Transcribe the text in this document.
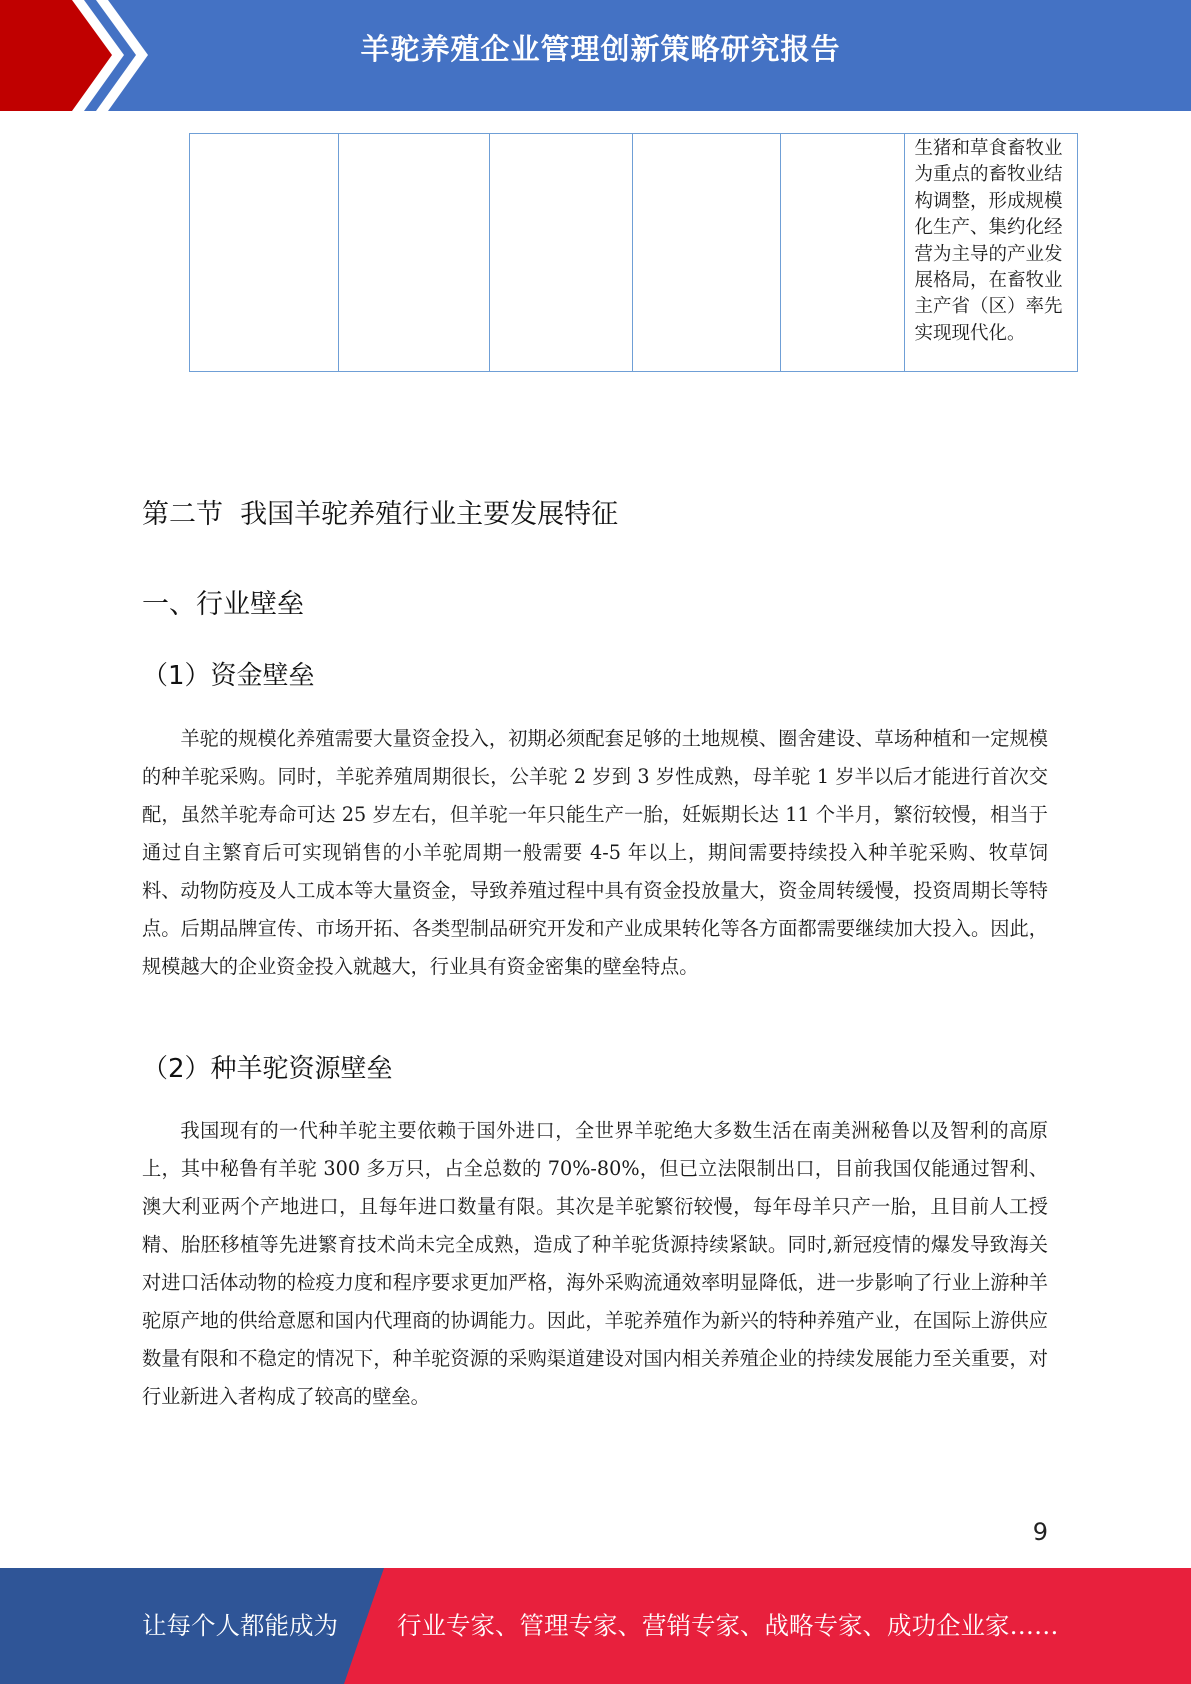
羊驼养殖企业管理创新策略研究报告

生猪和草食畜牧业为重点的畜牧业结构调整，形成规模化生产、集约化经营为主导的产业发展格局，在畜牧业主产省（区）率先实现现代化。
第二节  我国羊驼养殖行业主要发展特征
一、行业壁垒
（1）资金壁垒

羊驼的规模化养殖需要大量资金投入，初期必须配套足够的土地规模、圈舍建设、草场种植和一定规模的种羊驼采购。同时，羊驼养殖周期很长，公羊驼 2 岁到 3 岁性成熟，母羊驼 1 岁半以后才能进行首次交配，虽然羊驼寿命可达 25 岁左右，但羊驼一年只能生产一胎，妊娠期长达 11 个半月，繁衍较慢，相当于通过自主繁育后可实现销售的小羊驼周期一般需要 4-5 年以上，期间需要持续投入种羊驼采购、牧草饲料、动物防疫及人工成本等大量资金，导致养殖过程中具有资金投放量大，资金周转缓慢，投资周期长等特点。后期品牌宣传、市场开拓、各类型制品研究开发和产业成果转化等各方面都需要继续加大投入。因此，规模越大的企业资金投入就越大，行业具有资金密集的壁垒特点。

（2）种羊驼资源壁垒

我国现有的一代种羊驼主要依赖于国外进口，全世界羊驼绝大多数生活在南美洲秘鲁以及智利的高原上，其中秘鲁有羊驼 300 多万只，占全总数的 70%-80%，但已立法限制出口，目前我国仅能通过智利、澳大利亚两个产地进口，且每年进口数量有限。其次是羊驼繁衍较慢，每年母羊只产一胎，且目前人工授精、胎胚移植等先进繁育技术尚未完全成熟，造成了种羊驼货源持续紧缺。同时,新冠疫情的爆发导致海关对进口活体动物的检疫力度和程序要求更加严格，海外采购流通效率明显降低，进一步影响了行业上游种羊驼原产地的供给意愿和国内代理商的协调能力。因此，羊驼养殖作为新兴的特种养殖产业，在国际上游供应数量有限和不稳定的情况下，种羊驼资源的采购渠道建设对国内相关养殖企业的持续发展能力至关重要，对行业新进入者构成了较高的壁垒。

9
让每个人都能成为 行业专家、管理专家、营销专家、战略专家、成功企业家……
